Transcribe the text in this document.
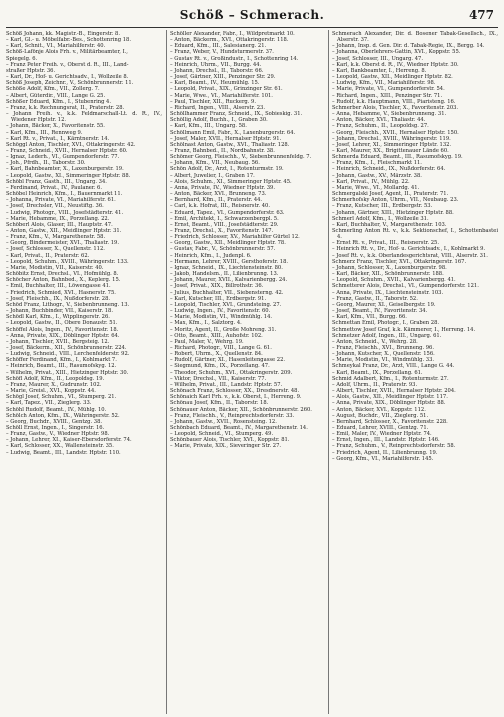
Schöß – Schmerach.	477

Schöß Johann, kk. Magistr.-B., Eingerstr. 8.

– Karl, Gl.- u. Möbelfabr.-Bes., Schottenring 18.

– Karl, Schnit., VI., Mariahilferstr. 40.

Schöß-Lafönje Alois Frh. v., Militärbeamter, I.,

Spiegelg. 6.

– Franz Peter Freih. v., Oberst d. R., III., Land-

straßer Hptstr. 36.

– Karl, Dr., Hof- u. Gerichtsadv., I., Wollzeile 8.

Schöß Joseph, Zeichnr., V., Schönbrunnerstr. 11.

Schöße Adolf, Kfm., VII., Zollerg. 7.

– Albert, Güterdir., VIII., Lange G. 25.

Schößer Eduard, Kfm., I., Stubenring 4.

– Franz, k.k. Rechnungsrat, II., Praterstr. 28.

– Johann Freih. v., k.k. Feldmarschall-Lt. d. R., IV., Wiedener Hptstr. 12.

– Johann, Bäcker, X., Favoritenstr. 55.

– Karl, Kfm., III., Rennweg 9.

– Karl Rt. v., Privat., I., Kärntnerstr. 14.

Schöggl Anton, Tischler, XVI., Ottakringerstr. 42.

– Franz, Schneid., XVII., Hernalser Hptstr. 60.

– Ignaz, Lederh., VI., Gumpendorferstr. 77.

– Joh., Pfrdh., II., Taborstr. 30.

– Karl, Bahnbeamter, X., Laxenburgerstr. 19.

– Leopold, Gastw., XI., Simmeringer Hptstr. 88.

Schöbl Franz, Gasth., III., Ungarg. 34.

– Ferdinand, Privat., IV., Paulaner. 6.

Schöbel Heinrich, Kfm., I., Bauernmarkt 11.

– Johanna, Private, VI., Mariahilferstr. 61.

– Josef, Drechsler, VII., Neustiftg. 36.

– Ludwig, Photogr., VIII., Josefstädterstr. 41.

– Marie, Hebamme, IX., Porzellang. 22.

Schöberl Alois, Glaser, III., Hauptstr. 47.

– Anton, Gastw., XII., Meidlinger Hptstr. 31.

– Franz, Kfm., V., Margarethenstr. 58.

– Georg, Bindermeister, XVI., Thaliastr. 19.

– Josef, Schlosser, X., Quellenstr. 112.

– Karl, Privat., II., Praterstr. 62.

– Leopold, Schuhm., XVIII., Währingerstr. 133.

– Marie, Modistin, VII., Kaiserstr. 40.

Schöbitz Ernst, Drechsl., VI., Hofmühlg. 8.

Schöcher Anton, Bahnbed., X., Keplerg. 15.

– Emil, Buchhalter, III., Löwengasse 41.

– Friedrich, Schmied, XVI., Hasnerstr. 75.

– Josef, Fleischh., IX., Nußdorferstr. 28.

Schöd Franz, Lithogr., V., Siebenbrunneng. 13.

– Johann, Buchbinder, VII., Kaiserstr. 18.

Schödl Karl, Kfm., I., Wipplingerstr. 26.

– Leopold, Gastw., II., Obere Donaustr. 51.

Schöffel Alois, Ingen., IV., Favoritenstr. 18.

– Anna, Private, XIX., Döblinger Hptstr. 64.

– Johann, Tischler, XVII., Bergsteig. 12.

– Josef, Bäckerm., XII., Schönbrunnerstr. 224.

– Ludwig, Schneid., VIII., Lerchenfelderstr. 92.

Schöffer Ferdinand, Kfm., I., Kohlmarkt 7.

– Heinrich, Beamt., III., Rasumofskyg. 12.

– Wilhelm, Privat., XIII., Hietzinger Hptstr. 30.

Schöfl Adolf, Kfm., II., Leopoldsg. 19.

– Franz, Maurer, X., Gudrunstr. 102.

– Marie, Greisl., XVI., Koppstr. 44.

Schögl Josef, Schuhm., VI., Stumperg. 21.

– Karl, Tapez., VII., Zieglerg. 33.

Schöhl Rudolf, Beamt., IV., Mühlg. 10.

Schölch Anton, Kfm., IX., Währingerstr. 52.

– Georg, Buchdr., XVIII., Gentzg. 38.

Schöll Ernst, Ingen., I., Singerstr. 16.

– Franz, Gastw., V., Wiedner Hptstr. 98.

– Johann, Lehrer, XI., Kaiser-Ebersdorferstr. 74.

– Karl, Schlosser, XX., Wallensteinstr. 35.

– Ludwig, Beamt., III., Landstr. Hptstr. 110.

Schöller Alexander, Fabr., I., Wildpretmarkt 10.

– Anton, Bäckerm., XVI., Ottakringerstr. 118.

– Eduard, Kfm., III., Salesianerg. 21.

– Franz, Weber, V., Hundsturmerstr. 37.

– Gustav Rt. v., Großindustr., I., Schottenring 14.

– Heinrich, Uhrm., VII., Burgg. 44.

– Johann, Drechsl., II., Taborstr. 66.

– Josef, Gärtner, XIII., Penzinger Str. 29.

– Karl, Beamt., IV., Heumühlg. 15.

– Leopold, Privat., XIX., Grinzinger Str. 61.

– Marie, Wwe., VI., Mariahilferstr. 101.

– Paul, Tischler, XII., Ruckerg. 9.

– Richard, Ingen., VIII., Alserstr. 23.

Schöllhammer Franz, Schneid., IX., Sobieskig. 31.

Schöllig Adolf, Buchh., I., Graben 30.

– Karl, Kfm., III., Ungarg. 58.

Schöllmann Emil, Fabr., X., Laxenburgerstr. 64.

– Josef, Maler, XVII., Hernalser Hptstr. 91.

Schölnast Anton, Gastw., XVI., Thaliastr. 128.

– Franz, Bahnbed., II., Nordbahnstr. 38.

Schömer Georg, Fleischh., V., Siebenbrunnenfeldg. 7.

– Johann, Kfm., VII., Neubaug. 56.

Schön Adolf, Dr., Arzt, I., Rotenturmstr. 19.

– Albert, Juwelier, I., Graben 17.

– Alois, Schuhm., XI., Simmeringer Hptstr. 45.

– Anna, Private, IV., Wiedner Hptstr. 39.

– Anton, Bäcker, XVI., Brunneng. 73.

– Bernhard, Kfm., II., Praterstr. 44.

– Carl, k.k. Hofrat, III., Reisnerstr. 40.

– Eduard, Tapez., VI., Gumpendorferstr. 63.

– Emil, Architekt, I., Schwarzenbergpl. 5.

– Ernst, Beamt., VIII., Josefstädterstr. 29.

– Franz, Drechsl., X., Favoritenstr. 147.

– Friedrich, Schlosser, XV., Mariahilfer Gürtel 12.

– Georg, Gastw., XII., Meidlinger Hptstr. 78.

– Gustav, Fabr., V., Schönbrunnerstr. 57.

– Heinrich, Kfm., I., Judenpl. 6.

– Hermann, Lehrer, XVIII., Gersthoferstr. 18.

– Ignaz, Schneid., IX., Liechtensteinstr. 80.

– Jakob, Handelsm., II., Lilienbrunng. 13.

– Johann, Maurer, XVII., Kalvarienbergg. 24.

– Josef, Privat., XIX., Billrothstr. 36.

– Julius, Buchhalter, VII., Siebensterng. 42.

– Karl, Kutscher, III., Erdbergstr. 91.

– Leopold, Tischler, XVI., Grundsteing. 27.

– Ludwig, Ingen., IV., Favoritenstr. 60.

– Marie, Modistin, VI., Windmühlg. 14.

– Max, Kfm., I., Salztorg. 4.

– Moritz, Agent, II., Große Mohreng. 31.

– Otto, Beamt., XIII., Auhofstr. 102.

– Paul, Maler, V., Wehrg. 19.

– Richard, Photogr., VIII., Lange G. 61.

– Robert, Uhrm., X., Quellenstr. 84.

– Rudolf, Gärtner, XI., Hasenleitengasse 22.

– Siegmund, Kfm., IX., Porzellang. 47.

– Theodor, Schuhm., XVI., Ottakringerstr. 209.

– Viktor, Drechsl., VII., Kaiserstr. 77.

– Wilhelm, Privat., III., Landstr. Hptstr. 57.

Schönach Franz, Schlosser, XX., Dresdnerstr. 48.

Schönaich Karl Frh. v., k.k. Oberst, I., Herreng. 9.

Schönau Josef, Kfm., II., Taborstr. 18.

Schönauer Anton, Bäcker, XII., Schönbrunnerstr. 260.

– Franz, Fleischh., V., Reinprechtsdorferstr. 33.

– Johann, Gastw., XVII., Rosensteing. 12.

Schönbach Eduard, Beamt., IV., Margarethenstr. 14.

– Leopold, Schneid., VI., Stumperg. 49.

Schönbauer Alois, Tischler, XVI., Koppstr. 81.

– Marie, Private, XIX., Sieveringer Str. 27.

Schmerach Alexander, Dir. d. Bosener Tabak-Gesellsch., IX., Alserstr. 37.

– Johann, Insp. d. Gen. Dir. d. Tabak-Regie, IX., Bergg. 14.

– Johanna, Oberlehrers-Gattin, XVI., Koppstr. 55.

– Josef, Schlosser, III., Ungarg. 47.

– Karl, k.k. Oberst d. R., IV., Wiedner Hptstr. 30.

– Karl, Bankbeamter, I., Herreng. 8.

– Leopold, Gastw., XII., Meidlinger Hptstr. 82.

– Ludwig, Kfm., VII., Mariahilferstr. 98.

– Marie, Private, VI., Gumpendorferstr. 54.

– Richard, Ingen., XIII., Penzinger Str. 71.

– Rudolf, k.k. Hauptmann, VIII., Piaristeng. 16.

Schmerber Alois, Tischler, X., Favoritenstr. 203.

– Anna, Hebamme, V., Siebenbrunneng. 31.

– Anton, Bäcker, XVI., Thaliastr. 44.

– Franz, Schuhm., II., Leopoldsg. 27.

– Georg, Fleischh., XVII., Hernalser Hptstr. 150.

– Johann, Drechsl., XVIII., Währingerstr. 119.

– Josef, Lehrer, XI., Simmeringer Hptstr. 132.

– Karl, Maurer, XX., Brigittenauer Lände 60.

Schmerda Eduard, Beamt., III., Rasumofskyg. 19.

– Franz, Kfm., I., Fleischmarkt 11.

– Heinrich, Schneid., IX., Nußdorferstr. 64.

– Johann, Gastw., XV., Märzstr. 38.

– Karl, Privat., IV., Mühlg. 22.

– Marie, Wwe., VI., Mollardg. 41.

Schmergalski Josef, Agent, II., Praterstr. 71.

Schmerhofsky Anton, Uhrm., VII., Neubaug. 23.

– Franz, Kutscher, III., Erdbergstr. 53.

– Johann, Gärtner, XIII., Hietzinger Hptstr. 88.

Schmerl Adolf, Kfm., I., Wollzeile 31.

– Karl, Buchhalter, V., Margarethenstr. 103.

Schmerling Anton Rt. v., k.k. Sektionschef, I., Schottenbastei 4.

– Ernst Rt. v., Privat., III., Reisnerstr. 25.

– Heinrich Rt. v., Dr., Hof- u. Gerichtsadv., I., Kohlmarkt 9.

– Josef Rt. v., k.k. Oberlandesgerichtsrat, VIII., Alserstr. 31.

Schmerz Franz, Tischler, XVI., Ottakringerstr. 167.

– Johann, Schlosser, X., Laxenburgerstr. 98.

– Karl, Bäcker, XII., Schönbrunnerstr. 188.

– Leopold, Schuhm., XVII., Kalvarienbergg. 41.

Schmetterer Alois, Drechsl., VI., Gumpendorferstr. 121.

– Anna, Private, IX., Liechtensteinstr. 103.

– Franz, Gastw., II., Taborstr. 52.

– Georg, Maurer, XI., Geiselbergstr. 19.

– Josef, Beamt., IV., Favoritenstr. 34.

– Karl, Kfm., VII., Burgg. 66.

Schmettan Emil, Photogr., I., Graben 28.

Schmettow Josef Graf, k.k. Kämmerer, I., Herreng. 14.

Schmetzer Adolf, Ingen., III., Ungarg. 61.

– Anton, Schneid., V., Wehrg. 28.

– Franz, Fleischh., XVI., Brunneng. 96.

– Johann, Kutscher, X., Quellenstr. 156.

– Marie, Modistin, VI., Windmühlg. 33.

Schmeykal Franz, Dr., Arzt, VIII., Lange G. 44.

– Karl, Beamt., IX., Porzellang. 61.

Schmid Adalbert, Kfm., I., Rotenturmstr. 27.

– Adolf, Uhrm., II., Praterstr. 93.

– Albert, Tischler, XVII., Hernalser Hptstr. 204.

– Alois, Gastw., XII., Meidlinger Hptstr. 117.

– Anna, Private, XIX., Döblinger Hptstr. 88.

– Anton, Bäcker, XVI., Koppstr. 112.

– August, Buchdr., VII., Zieglerg. 51.

– Bernhard, Schlosser, X., Favoritenstr. 228.

– Eduard, Lehrer, XVIII., Gentzg. 71.

– Emil, Maler, IV., Wiedner Hptstr. 74.

– Ernst, Ingen., III., Landstr. Hptstr. 146.

– Franz, Schuhm., V., Reinprechtsdorferstr. 58.

– Friedrich, Agent, II., Lilienbrunng. 19.

– Georg, Kfm., VI., Mariahilferstr. 145.
